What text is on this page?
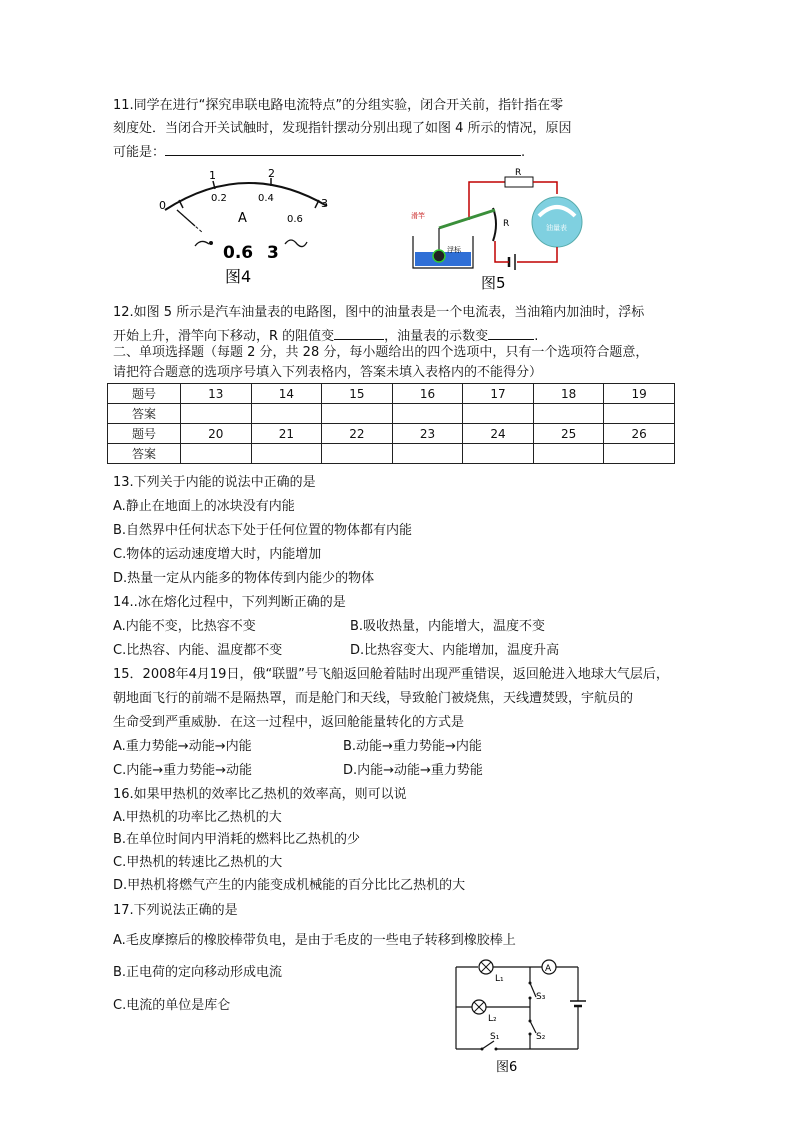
11.同学在进行“探究串联电路电流特点”的分组实验，闭合开关前，指针指在零
刻度处．当闭合开关试触时，发现指针摆动分别出现了如图 4 所示的情况，原因
可能是：	.
0
1	2
3
0.2	0.4
0.6
A
0.6 3
图4
R
油量表
R
滑竿
浮标
图5
12.如图 5 所示是汽车油量表的电路图，图中的油量表是一个电流表，当油箱内加油时，浮标
开始上升，滑竿向下移动，R 的阻值变	，油量表的示数变	.
二、单项选择题（每题 2 分，共 28 分，每小题给出的四个选项中，只有一个选项符合题意，
请把符合题意的选项序号填入下列表格内，答案未填入表格内的不能得分）
题号	13	14	15	16	17	18	19
答案							
题号	20	21	22	23	24	25	26
答案							
13.下列关于内能的说法中正确的是
A.静止在地面上的冰块没有内能
B.自然界中任何状态下处于任何位置的物体都有内能
C.物体的运动速度增大时，内能增加
D.热量一定从内能多的物体传到内能少的物体
14..冰在熔化过程中，下列判断正确的是
A.内能不变，比热容不变	B.吸收热量，内能增大，温度不变
C.比热容、内能、温度都不变	D.比热容变大、内能增加，温度升高
15．2008年4月19日，俄“联盟”号飞船返回舱着陆时出现严重错误，返回舱进入地球大气层后，
朝地面飞行的前端不是隔热罩，而是舱门和天线，导致舱门被烧焦，天线遭焚毁，宇航员的
生命受到严重威胁．在这一过程中，返回舱能量转化的方式是
A.重力势能→动能→内能	B.动能→重力势能→内能
C.内能→重力势能→动能	D.内能→动能→重力势能
16.如果甲热机的效率比乙热机的效率高，则可以说
A.甲热机的功率比乙热机的大
B.在单位时间内甲消耗的燃料比乙热机的少
C.甲热机的转速比乙热机的大
D.甲热机将燃气产生的内能变成机械能的百分比比乙热机的大
17.下列说法正确的是
A.毛皮摩擦后的橡胶棒带负电，是由于毛皮的一些电子转移到橡胶棒上
B.正电荷的定向移动形成电流
C.电流的单位是库仑
L₁
A
S₃
S₂
L₂
S₁
图6
